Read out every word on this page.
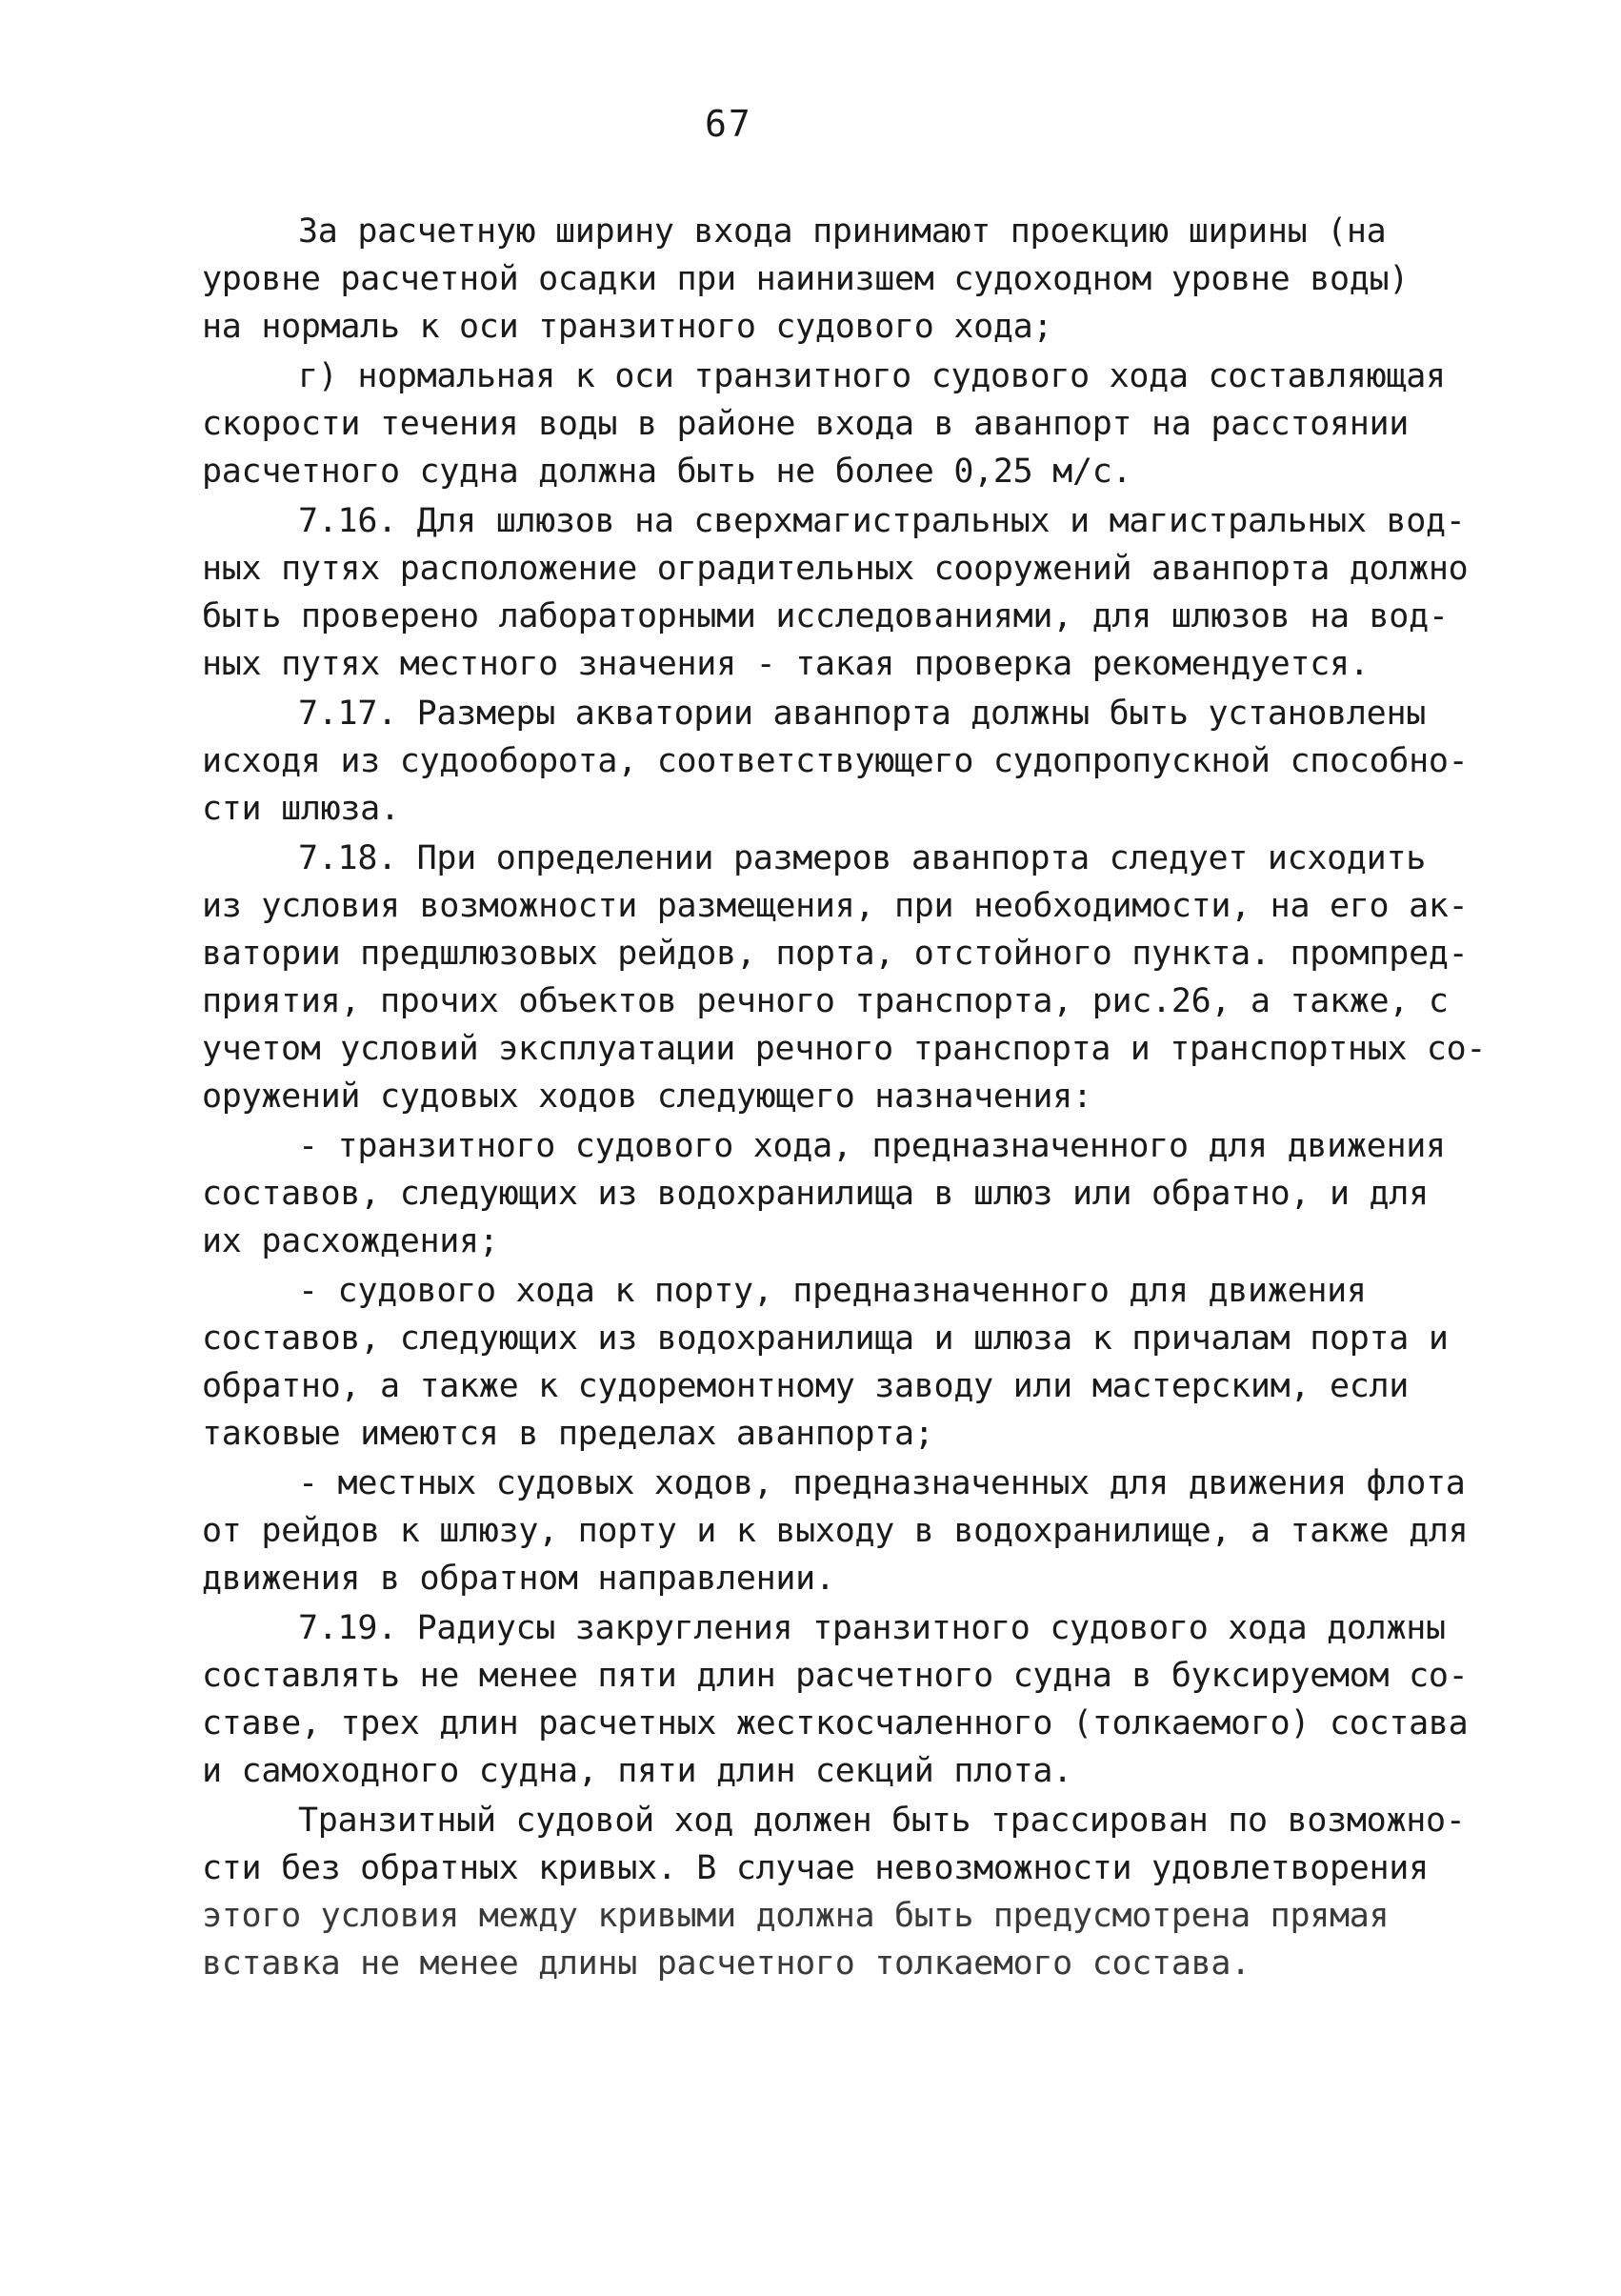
67
За расчетную ширину входа принимают проекцию ширины (на
уровне расчетной осадки при наинизшем судоходном уровне воды)
на нормаль к оси транзитного судового хода;
г) нормальная к оси транзитного судового хода составляющая
скорости течения воды в районе входа в аванпорт на расстоянии
расчетного судна должна быть не более 0,25 м/с.
7.16. Для шлюзов на сверхмагистральных и магистральных вод-
ных путях расположение оградительных сооружений аванпорта должно
быть проверено лабораторными исследованиями, для шлюзов на вод-
ных путях местного значения - такая проверка рекомендуется.
7.17. Размеры акватории аванпорта должны быть установлены
исходя из судооборота, соответствующего судопропускной способно-
сти шлюза.
7.18. При определении размеров аванпорта следует исходить
из условия возможности размещения, при необходимости, на его ак-
ватории предшлюзовых рейдов, порта, отстойного пункта. промпред-
приятия, прочих объектов речного транспорта, рис.26, а также, с
учетом условий эксплуатации речного транспорта и транспортных со-
оружений судовых ходов следующего назначения:
- транзитного судового хода, предназначенного для движения
составов, следующих из водохранилища в шлюз или обратно, и для
их расхождения;
- судового хода к порту, предназначенного для движения
составов, следующих из водохранилища и шлюза к причалам порта и
обратно, а также к судоремонтному заводу или мастерским, если
таковые имеются в пределах аванпорта;
- местных судовых ходов, предназначенных для движения флота
от рейдов к шлюзу, порту и к выходу в водохранилище, а также для
движения в обратном направлении.
7.19. Радиусы закругления транзитного судового хода должны
составлять не менее пяти длин расчетного судна в буксируемом со-
ставе, трех длин расчетных жесткосчаленного (толкаемого) состава
и самоходного судна, пяти длин секций плота.
Транзитный судовой ход должен быть трассирован по возможно-
сти без обратных кривых. В случае невозможности удовлетворения
этого условия между кривыми должна быть предусмотрена прямая
вставка не менее длины расчетного толкаемого состава.
